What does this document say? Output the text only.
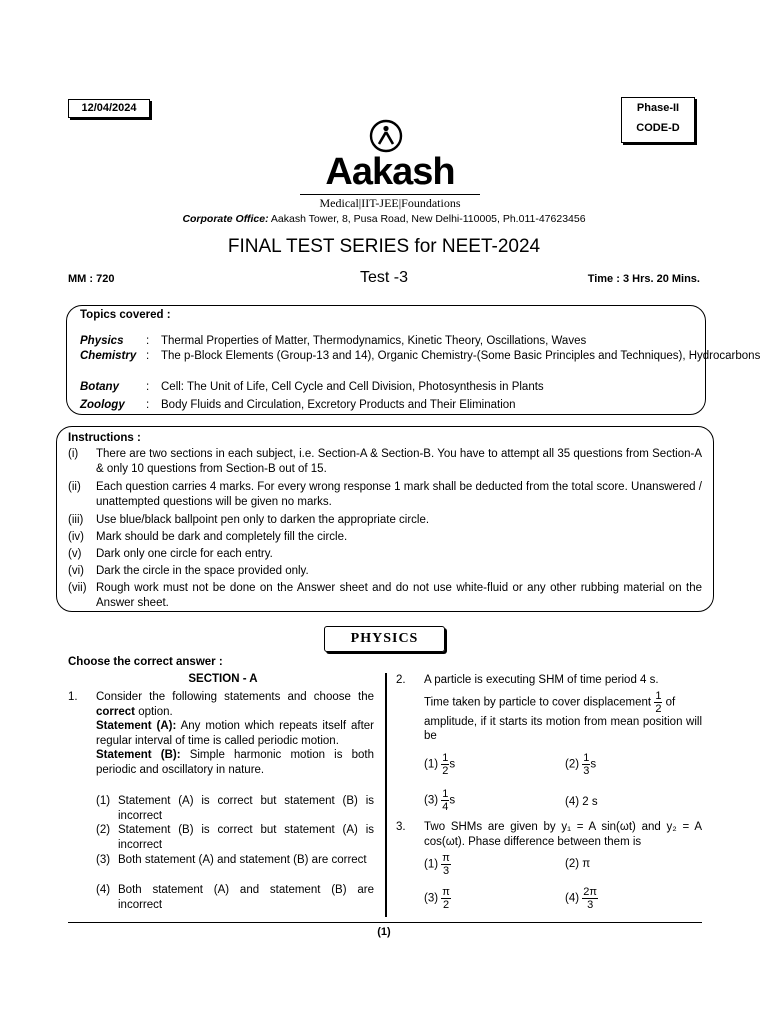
12/04/2024	Phase-II
CODE-D
Aakash
Medical|IIT-JEE|Foundations
Corporate Office: Aakash Tower, 8, Pusa Road, New Delhi-110005, Ph.011-47623456
FINAL TEST SERIES for NEET-2024
MM : 720	Test -3	Time : 3 Hrs. 20 Mins.
Topics covered :
Physics	: Thermal Properties of Matter, Thermodynamics, Kinetic Theory, Oscillations, Waves
Chemistry : The p-Block Elements (Group-13 and 14), Organic Chemistry-(Some Basic Principles and Techniques), Hydrocarbons
Botany	: Cell: The Unit of Life, Cell Cycle and Cell Division, Photosynthesis in Plants
Zoology	: Body Fluids and Circulation, Excretory Products and Their Elimination
Instructions :
(i) There are two sections in each subject, i.e. Section-A & Section-B. You have to attempt all 35 questions from Section-A & only 10 questions from Section-B out of 15.
(ii) Each question carries 4 marks. For every wrong response 1 mark shall be deducted from the total score. Unanswered / unattempted questions will be given no marks.
(iii) Use blue/black ballpoint pen only to darken the appropriate circle.
(iv) Mark should be dark and completely fill the circle.
(v) Dark only one circle for each entry.
(vi) Dark the circle in the space provided only.
(vii) Rough work must not be done on the Answer sheet and do not use white-fluid or any other rubbing material on the Answer sheet.
PHYSICS
Choose the correct answer :
SECTION - A
1. Consider the following statements and choose the correct option.
Statement (A): Any motion which repeats itself after regular interval of time is called periodic motion.
Statement (B): Simple harmonic motion is both periodic and oscillatory in nature.
(1) Statement (A) is correct but statement (B) is incorrect
(2) Statement (B) is correct but statement (A) is incorrect
(3) Both statement (A) and statement (B) are correct
(4) Both statement (A) and statement (B) are incorrect
2. A particle is executing SHM of time period 4 s.
Time taken by particle to cover displacement $\frac{1}{2}$ of
amplitude, if it starts its motion from mean position will be
$(1) \frac{1}{2}$ s	$(2) \frac{1}{3}$ s
$(3) \frac{1}{4}$ s	(4) 2 s
3. Two SHMs are given by y₁ = A sin(ωt) and y₂ = A cos(ωt). Phase difference between them is
$(1) \frac{\pi}{3}$	(2) π
$(3) \frac{\pi}{2}$	$(4) \frac{2\pi}{3}$
(1)
